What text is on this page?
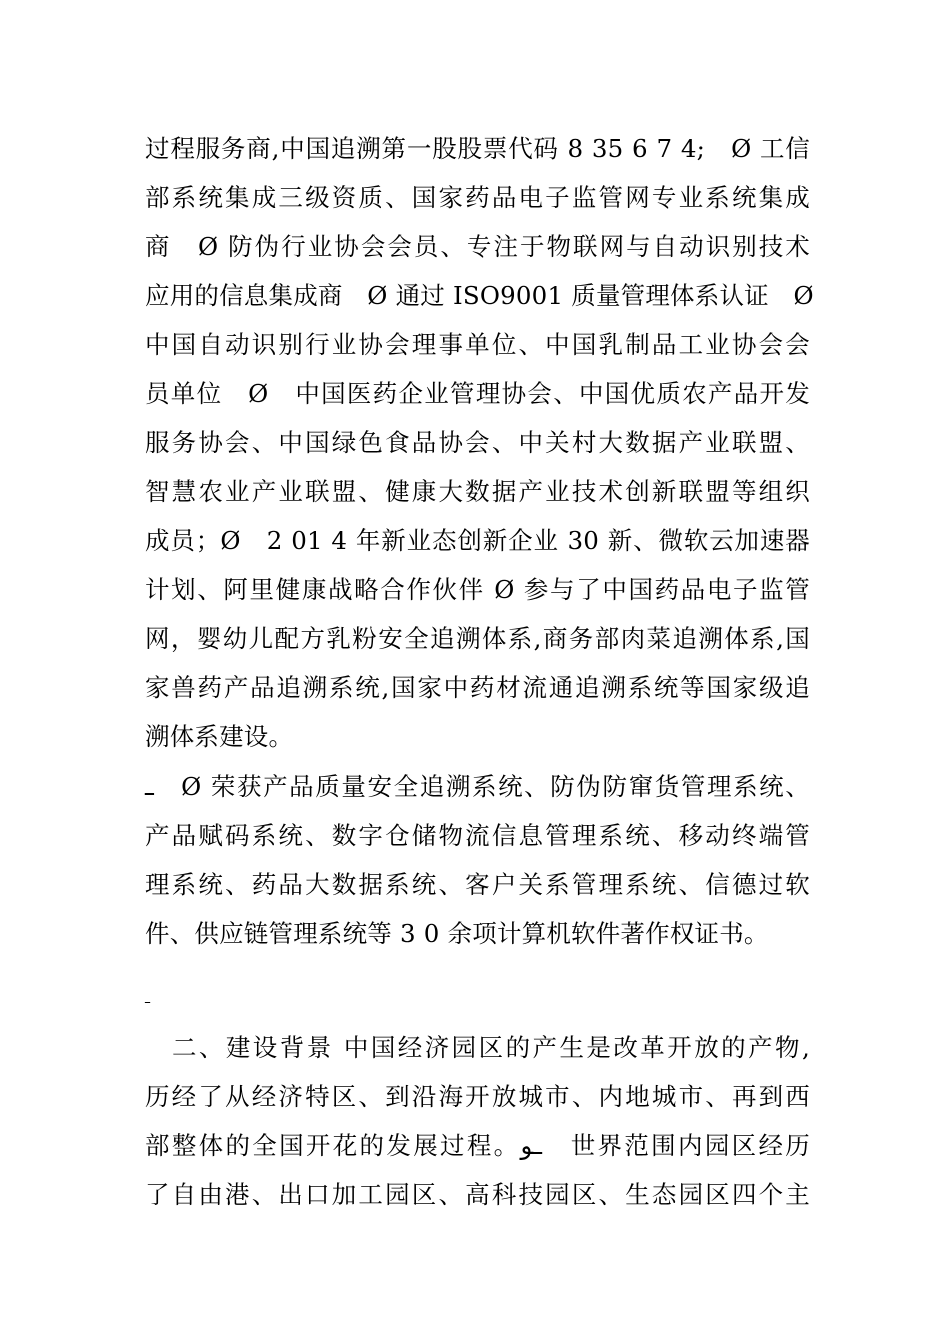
过程服务商,中国追溯第一股股票代码 8 35 6 7 4;　Ø 工信
部系统集成三级资质、国家药品电子监管网专业系统集成
商　Ø 防伪行业协会会员、专注于物联网与自动识别技术
应用的信息集成商　Ø 通过 ISO9001 质量管理体系认证　Ø
中国自动识别行业协会理事单位、中国乳制品工业协会会
员单位　Ø　中国医药企业管理协会、中国优质农产品开发
服务协会、中国绿色食品协会、中关村大数据产业联盟、
智慧农业产业联盟、健康大数据产业技术创新联盟等组织
成员；Ø　2 01 4 年新业态创新企业 30 新、微软云加速器
计划、阿里健康战略合作伙伴 Ø 参与了中国药品电子监管
网，婴幼儿配方乳粉安全追溯体系,商务部肉菜追溯体系,国
家兽药产品追溯系统,国家中药材流通追溯系统等国家级追
溯体系建设。
ߺ　Ø 荣获产品质量安全追溯系统、防伪防窜货管理系统、
产品赋码系统、数字仓储物流信息管理系统、移动终端管
理系统、药品大数据系统、客户关系管理系统、信德过软
件、供应链管理系统等 3 0 余项计算机软件著作权证书。
ߺ
　二、建设背景 中国经济园区的产生是改革开放的产物,
历经了从经济特区、到沿海开放城市、内地城市、再到西
部整体的全国开花的发展过程。ߺو　世界范围内园区经历
了自由港、出口加工园区、高科技园区、生态园区四个主
